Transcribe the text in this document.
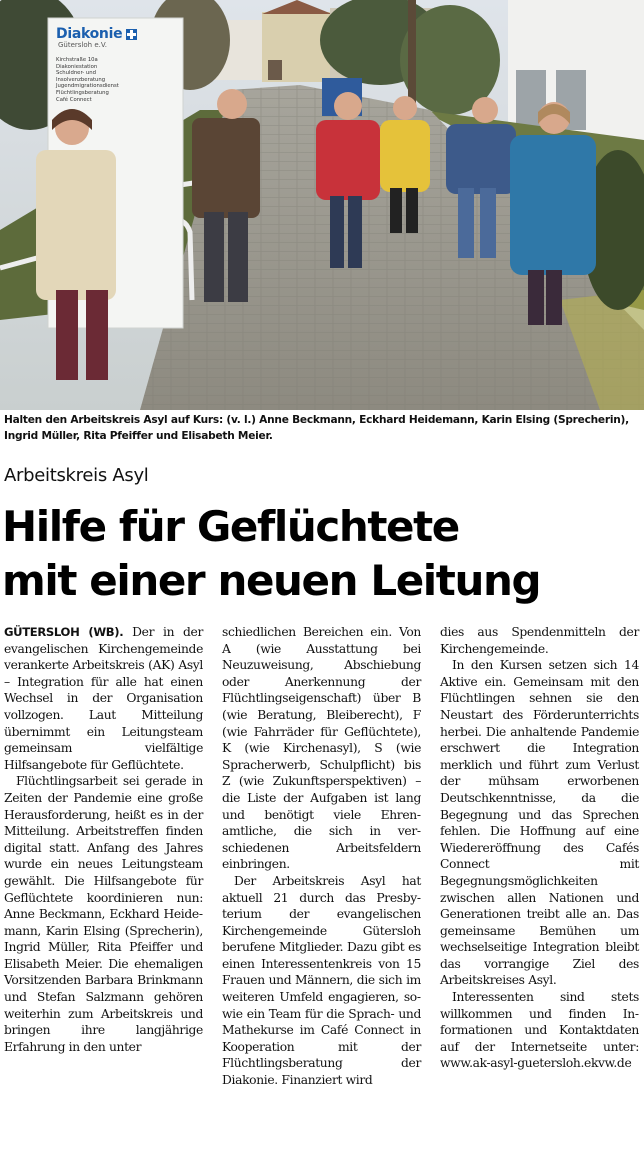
Diakonie
Gütersloh e.V.
Kirchstraße 10a
Diakoniestation
Schuldner- und
Insolvenzberatung
Jugendmigrationsdienst
Flüchtlingsberatung
Café Connect
Halten den Arbeitskreis Asyl auf Kurs: (v. l.) Anne Beckmann, Eckhard Heidemann, Karin Elsing (Sprecherin),
Ingrid Müller, Rita Pfeiffer und Elisabeth Meier.
Arbeitskreis Asyl
Hilfe für Geflüchtete
mit einer neuen Leitung

GÜTERSLOH (WB). Der in der evangelischen Kirchengemeinde verankerte Arbeitskreis (AK) Asyl – Integration für alle hat einen Wechsel in der Organisation vollzogen. Laut Mitteilung übernimmt ein Leitungsteam gemeinsam vielfältige Hilfsangebote für Geflüchtete.

Flüchtlingsarbeit sei gerade in Zeiten der Pandemie eine große Herausforderung, heißt es in der Mitteilung. Arbeitstreffen finden digital statt. Anfang des Jahres wurde ein neues Leitungsteam gewählt. Die Hilfsangebote für Geflüchtete koordinieren nun: Anne Beckmann, Eckhard Heidemann, Karin Elsing (Sprecherin), Ingrid Müller, Rita Pfeiffer und Elisabeth Meier. Die ehemaligen Vorsitzenden Barbara Brinkmann und Stefan Salzmann gehören weiterhin zum Arbeitskreis und bringen ihre langjährige Erfahrung in den unter

schiedlichen Bereichen ein. Von A (wie Ausstattung bei Neuzuweisung, Abschiebung oder Anerkennung der Flüchtlingseigenschaft) über B (wie Beratung, Bleiberecht), F (wie Fahrräder für Geflüchtete), K (wie Kirchenasyl), S (wie Spracherwerb, Schulpflicht) bis Z (wie Zukunftsperspektiven) – die Liste der Aufgaben ist lang und benötigt viele Ehrenamtliche, die sich in verschiedenen Arbeitsfeldern einbringen.

Der Arbeitskreis Asyl hat aktuell 21 durch das Presbyterium der evangelischen Kirchengemeinde Gütersloh berufene Mitglieder. Dazu gibt es einen Interessentenkreis von 15 Frauen und Männern, die sich im weiteren Umfeld engagieren, sowie ein Team für die Sprach- und Mathekurse im Café Connect in Kooperation mit der Flüchtlingsberatung der Diakonie. Finanziert wird

dies aus Spendenmitteln der Kirchengemeinde.

In den Kursen setzen sich 14 Aktive ein. Gemeinsam mit den Flüchtlingen sehnen sie den Neustart des Förderunterrichts herbei. Die anhaltende Pandemie erschwert die Integration merklich und führt zum Verlust der mühsam erworbenen Deutschkenntnisse, da die Begegnung und das Sprechen fehlen. Die Hoffnung auf eine Wiedereröffnung des Cafés Connect mit Begegnungsmöglichkeiten zwischen allen Nationen und Generationen treibt alle an. Das gemeinsame Bemühen um wechselseitige Integration bleibt das vorrangige Ziel des Arbeitskreises Asyl.

Interessenten sind stets willkommen und finden Informationen und Kontaktdaten auf der Internetseite unter: www.ak-asyl-guetersloh.ekvw.de
